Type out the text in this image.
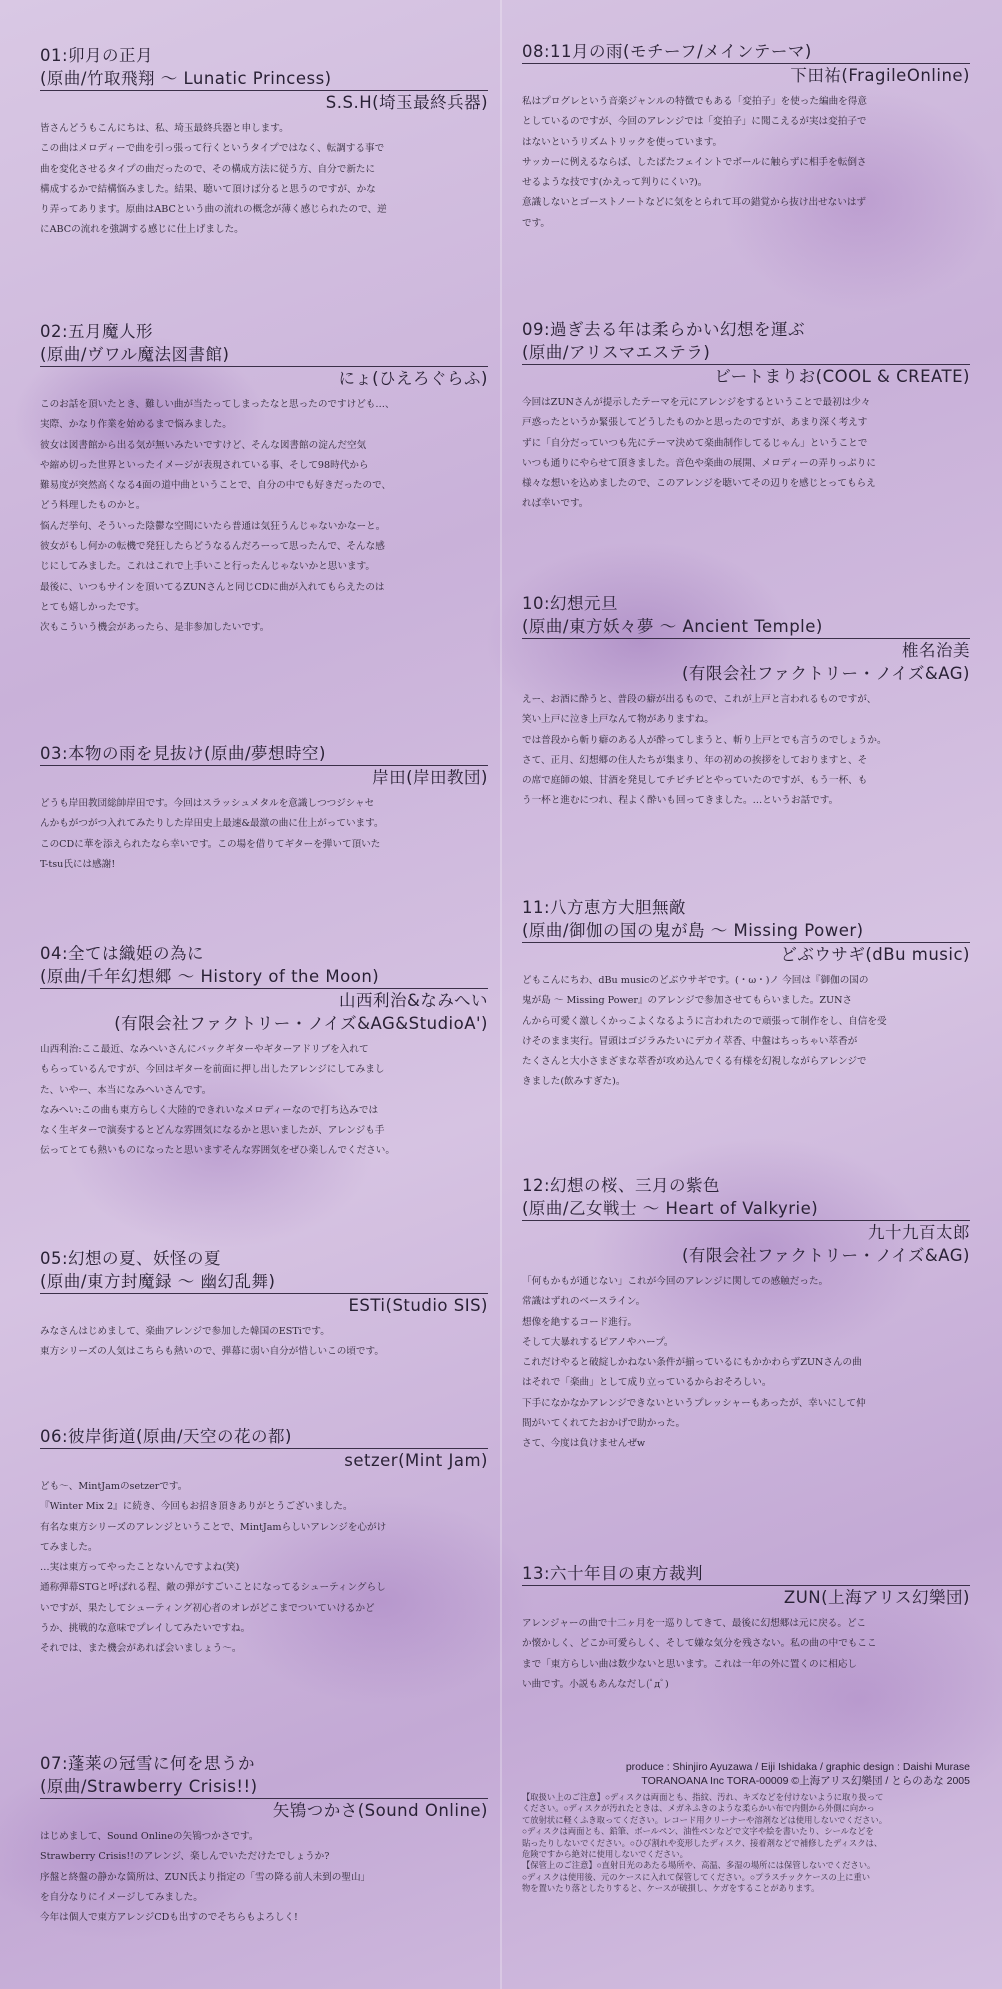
01:卯月の正月
(原曲/竹取飛翔 ～ Lunatic Princess)
S.S.H(埼玉最終兵器)

皆さんどうもこんにちは、私、埼玉最終兵器と申します。

この曲はメロディーで曲を引っ張って行くというタイプではなく、転調する事で

曲を変化させるタイプの曲だったので、その構成方法に従う方、自分で新たに

構成するかで結構悩みました。結果、聴いて頂けば分ると思うのですが、かな

り弄ってあります。原曲はABCという曲の流れの概念が薄く感じられたので、逆

にABCの流れを強調する感じに仕上げました。

02:五月魔人形
(原曲/ヴワル魔法図書館)
にょ(ひえろぐらふ)

このお話を頂いたとき、難しい曲が当たってしまったなと思ったのですけども…、

実際、かなり作業を始めるまで悩みました。

彼女は図書館から出る気が無いみたいですけど、そんな図書館の淀んだ空気

や縮め切った世界といったイメージが表現されている事、そして98時代から

難易度が突然高くなる4面の道中曲ということで、自分の中でも好きだったので、

どう料理したものかと。

悩んだ挙句、そういった陰鬱な空間にいたら普通は気狂うんじゃないかなーと。

彼女がもし何かの転機で発狂したらどうなるんだろーって思ったんで、そんな感

じにしてみました。これはこれで上手いこと行ったんじゃないかと思います。

最後に、いつもサインを頂いてるZUNさんと同じCDに曲が入れてもらえたのは

とても嬉しかったです。

次もこういう機会があったら、是非参加したいです。

03:本物の雨を見抜け(原曲/夢想時空)
岸田(岸田教団)

どうも岸田教団総帥岸田です。今回はスラッシュメタルを意識しつつジシャセ

んかもがつがつ入れてみたりした岸田史上最速&最激の曲に仕上がっています。

このCDに華を添えられたなら幸いです。この場を借りてギターを弾いて頂いた

T-tsu氏には感謝!

04:全ては織姫の為に
(原曲/千年幻想郷 ～ History of the Moon)
山西利治&なみへい
(有限会社ファクトリー・ノイズ&AG&StudioA')

山西利治:ここ最近、なみへいさんにバックギターやギターアドリブを入れて

もらっているんですが、今回はギターを前面に押し出したアレンジにしてみまし

た、いやー、本当になみへいさんです。

なみへい:この曲も東方らしく大陸的できれいなメロディーなので打ち込みでは

なく生ギターで演奏するとどんな雰囲気になるかと思いましたが、アレンジも手

伝ってとても熱いものになったと思いますそんな雰囲気をぜひ楽しんでください。

05:幻想の夏、妖怪の夏
(原曲/東方封魔録 ～ 幽幻乱舞)
ESTi(Studio SIS)

みなさんはじめまして、楽曲アレンジで参加した韓国のESTiです。

東方シリーズの人気はこちらも熱いので、弾幕に弱い自分が惜しいこの頃です。

06:彼岸街道(原曲/天空の花の都)
setzer(Mint Jam)

ども～、MintJamのsetzerです。

『Winter Mix 2』に続き、今回もお招き頂きありがとうございました。

有名な東方シリーズのアレンジということで、MintJamらしいアレンジを心がけ

てみました。

…実は東方ってやったことないんですよね(笑)

通称弾幕STGと呼ばれる程、敵の弾がすごいことになってるシューティングらし

いですが、果たしてシューティング初心者のオレがどこまでついていけるかど

うか、挑戦的な意味でプレイしてみたいですね。

それでは、また機会があれば会いましょう～。

07:蓬莱の冠雪に何を思うか
(原曲/Strawberry Crisis!!)
矢鴇つかさ(Sound Online)

はじめまして、Sound Onlineの矢鴇つかさです。

Strawberry Crisis!!のアレンジ、楽しんでいただけたでしょうか?

序盤と終盤の静かな箇所は、ZUN氏より指定の「雪の降る前人未到の聖山」

を自分なりにイメージしてみました。

今年は個人で東方アレンジCDも出すのでそちらもよろしく!

08:11月の雨(モチーフ/メインテーマ)
下田祐(FragileOnline)

私はプログレという音楽ジャンルの特徴でもある「変拍子」を使った編曲を得意

としているのですが、今回のアレンジでは「変拍子」に聞こえるが実は変拍子で

はないというリズムトリックを使っています。

サッカーに例えるならば、したばたフェイントでボールに触らずに相手を転倒さ

せるような技です(かえって判りにくい?)。

意識しないとゴーストノートなどに気をとられて耳の錯覚から抜け出せないはず

です。

09:過ぎ去る年は柔らかい幻想を運ぶ
(原曲/アリスマエステラ)
ビートまりお(COOL & CREATE)

今回はZUNさんが提示したテーマを元にアレンジをするということで最初は少々

戸惑ったというか緊張してどうしたものかと思ったのですが、あまり深く考えす

ずに「自分だっていつも先にテーマ決めて楽曲制作してるじゃん」ということで

いつも通りにやらせて頂きました。音色や楽曲の展開、メロディーの弄りっぷりに

様々な想いを込めましたので、このアレンジを聴いてその辺りを感じとってもらえ

れば幸いです。

10:幻想元旦
(原曲/東方妖々夢 ～ Ancient Temple)
椎名治美
(有限会社ファクトリー・ノイズ&AG)

えー、お酒に酔うと、普段の癖が出るもので、これが上戸と言われるものですが、

笑い上戸に泣き上戸なんて物がありますね。

では普段から斬り癖のある人が酔ってしまうと、斬り上戸とでも言うのでしょうか。

さて、正月、幻想郷の住人たちが集まり、年の初めの挨拶をしておりますと、そ

の席で庭師の娘、甘酒を発見してチビチビとやっていたのですが、もう一杯、も

う一杯と進むにつれ、程よく酔いも回ってきました。…というお話です。

11:八方恵方大胆無敵
(原曲/御伽の国の鬼が島 ～ Missing Power)
どぶウサギ(dBu music)

どもこんにちわ、dBu musicのどぶウサギです。(・ω・)ノ 今回は『御伽の国の

鬼が島 ～ Missing Power』のアレンジで参加させてもらいました。ZUNさ

んから可愛く激しくかっこよくなるように言われたので頑張って制作をし、自信を受

けそのまま実行。冒頭はゴジラみたいにデカイ萃香、中盤はちっちゃい萃香が

たくさんと大小さまざまな萃香が攻め込んでくる有様を幻視しながらアレンジで

きました(飲みすぎた)。

12:幻想の桜、三月の紫色
(原曲/乙女戦士 ～ Heart of Valkyrie)
九十九百太郎
(有限会社ファクトリー・ノイズ&AG)

「何もかもが通じない」これが今回のアレンジに関しての感触だった。

常識はずれのベースライン。

想像を絶するコード進行。

そして大暴れするピアノやハープ。

これだけやると破綻しかねない条件が揃っているにもかかわらずZUNさんの曲

はそれで「楽曲」として成り立っているからおそろしい。

下手になかなかアレンジできないというプレッシャーもあったが、幸いにして仲

間がいてくれてたおかげで助かった。

さて、今度は負けませんぜw

13:六十年目の東方裁判
ZUN(上海アリス幻樂団)

アレンジャーの曲で十二ヶ月を一巡りしてきて、最後に幻想郷は元に戻る。どこ

か懐かしく、どこか可愛らしく、そして嫌な気分を残さない。私の曲の中でもここ

まで「東方らしい曲は数少ないと思います。これは一年の外に置くのに相応し

い曲です。小説もあんなだし(ﾟдﾟ)

produce : Shinjiro Ayuzawa / Eiji Ishidaka / graphic design : Daishi Murase
TORANOANA Inc TORA-00009 ©上海アリス幻樂団 / とらのあな 2005

【取扱い上のご注意】○ディスクは両面とも、指紋、汚れ、キズなどを付けないように取り扱って

ください。○ディスクが汚れたときは、メガネふきのような柔らかい布で内側から外側に向かっ

て放射状に軽くふき取ってください。レコード用クリーナーや溶剤などは使用しないでください。

○ディスクは両面とも、鉛筆、ボールペン、油性ペンなどで文字や絵を書いたり、シールなどを

貼ったりしないでください。○ひび割れや変形したディスク、接着剤などで補修したディスクは、

危険ですから絶対に使用しないでください。

【保管上のご注意】○直射日光のあたる場所や、高温、多湿の場所には保管しないでください。

○ディスクは使用後、元のケースに入れて保管してください。○プラスチックケースの上に重い

物を置いたり落としたりすると、ケースが破損し、ケガをすることがあります。
